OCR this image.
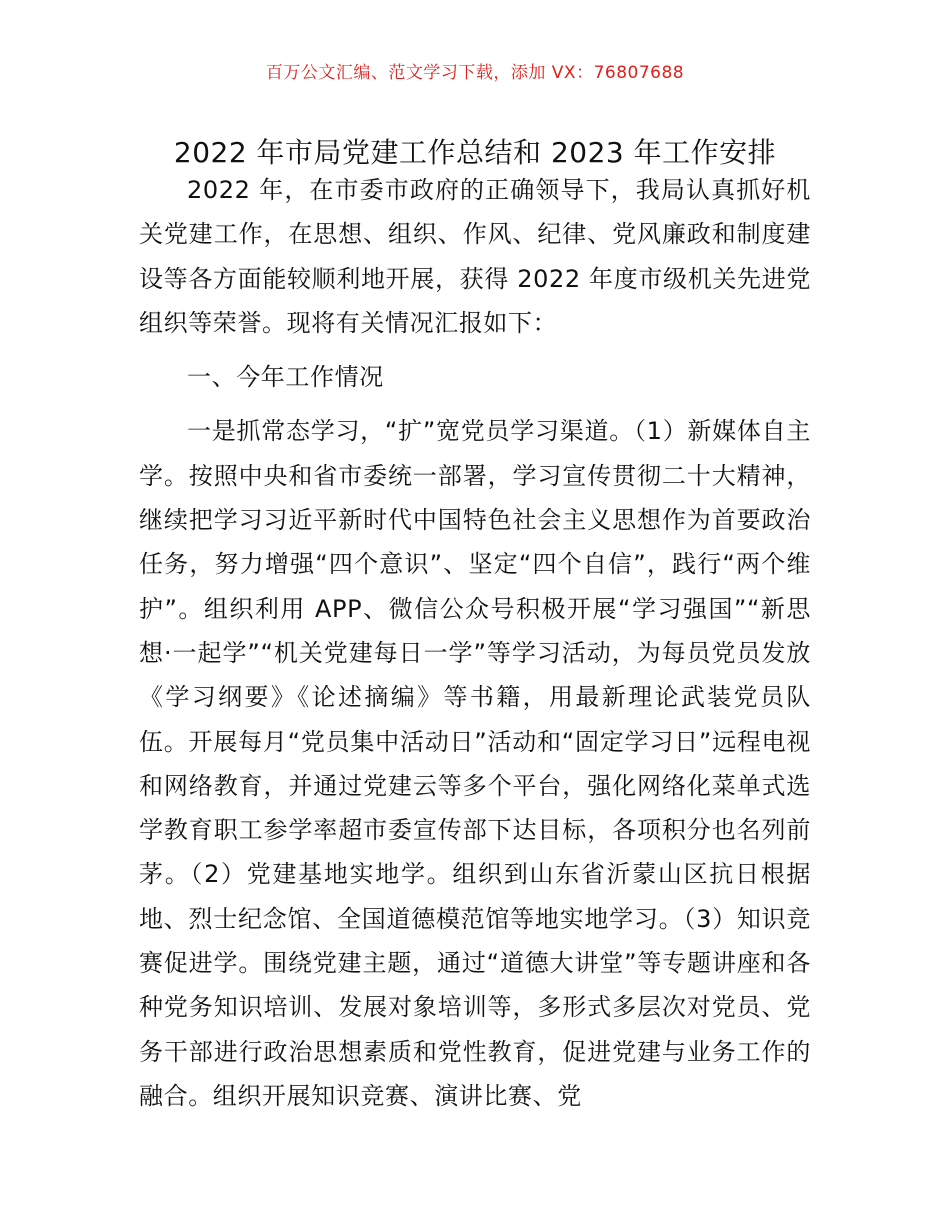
百万公文汇编、范文学习下载，添加 VX：76807688
2022 年市局党建工作总结和 2023 年工作安排

2022 年，在市委市政府的正确领导下，我局认真抓好机关党建工作，在思想、组织、作风、纪律、党风廉政和制度建设等各方面能较顺利地开展，获得 2022 年度市级机关先进党组织等荣誉。现将有关情况汇报如下：

一、今年工作情况

一是抓常态学习，“扩”宽党员学习渠道。（1）新媒体自主学。按照中央和省市委统一部署，学习宣传贯彻二十大精神，继续把学习习近平新时代中国特色社会主义思想作为首要政治任务，努力增强“四个意识”、坚定“四个自信”，践行“两个维护”。组织利用 APP、微信公众号积极开展“学习强国”“新思想·一起学”“机关党建每日一学”等学习活动，为每员党员发放《学习纲要》《论述摘编》等书籍，用最新理论武装党员队伍。开展每月“党员集中活动日”活动和“固定学习日”远程电视和网络教育，并通过党建云等多个平台，强化网络化菜单式选学教育职工参学率超市委宣传部下达目标，各项积分也名列前茅。（2）党建基地实地学。组织到山东省沂蒙山区抗日根据地、烈士纪念馆、全国道德模范馆等地实地学习。（3）知识竞赛促进学。围绕党建主题，通过“道德大讲堂”等专题讲座和各种党务知识培训、发展对象培训等，多形式多层次对党员、党务干部进行政治思想素质和党性教育，促进党建与业务工作的融合。组织开展知识竞赛、演讲比赛、党
